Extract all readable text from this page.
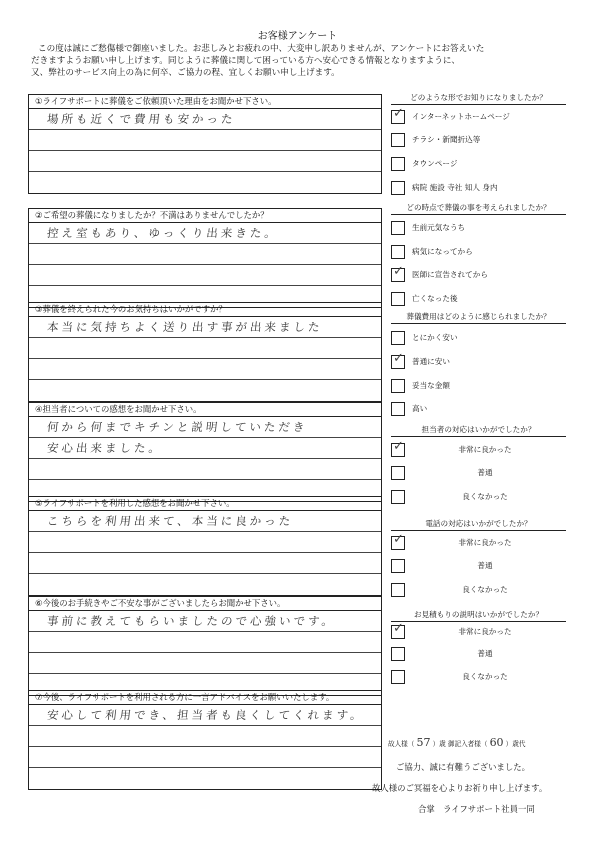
お客様アンケート
この度は誠にご愁傷様で御座いました。お悲しみとお疲れの中、大変申し訳ありませんが、アンケートにお答えいた
だきますようお願い申し上げます。同じように葬儀に関して困っている方へ安心できる情報となりますように、
又、弊社のサービス向上の為に何卒、ご協力の程、宜しくお願い申し上げます。
①ライフサポートに葬儀をご依頼頂いた理由をお聞かせ下さい。
場所も近くで費用も安かった
②ご希望の葬儀になりましたか？不満はありませんでしたか？
控え室もあり、ゆっくり出来きた。
③葬儀を終えられた今のお気持ちはいかがですか？
本当に気持ちよく送り出す事が出来ました
④担当者についての感想をお聞かせ下さい。
何から何までキチンと説明していただき
安心出来ました。
⑤ライフサポートを利用した感想をお聞かせ下さい。
こちらを利用出来て、本当に良かった
⑥今後のお手続きやご不安な事がございましたらお聞かせ下さい。
事前に教えてもらいましたので心強いです。
⑦今後、ライフサポートを利用される方に一言アドバイスをお願いいたします。
安心して利用でき、担当者も良くしてくれます。
どのような形でお知りになりましたか？
✓ インターネットホームページ
チラシ・新聞折込等
タウンページ
病院 施設 寺社 知人 身内
どの時点で葬儀の事を考えられましたか？
生前元気なうち
病気になってから
✓ 医師に宣告されてから
亡くなった後
葬儀費用はどのように感じられましたか？
とにかく安い
✓ 普通に安い
妥当な金額
高い
担当者の対応はいかがでしたか？
✓	非常に良かった
普通
良くなかった
電話の対応はいかがでしたか？
✓	非常に良かった
普通
良くなかった
お見積もりの説明はいかがでしたか？
✓	非常に良かった
普通
良くなかった
故人様（ 57 ）歳 御記入者様（ 60 ）歳代
ご協力、誠に有難うございました。
故人様のご冥福を心よりお祈り申し上げます。
合掌　ライフサポート社員一同
